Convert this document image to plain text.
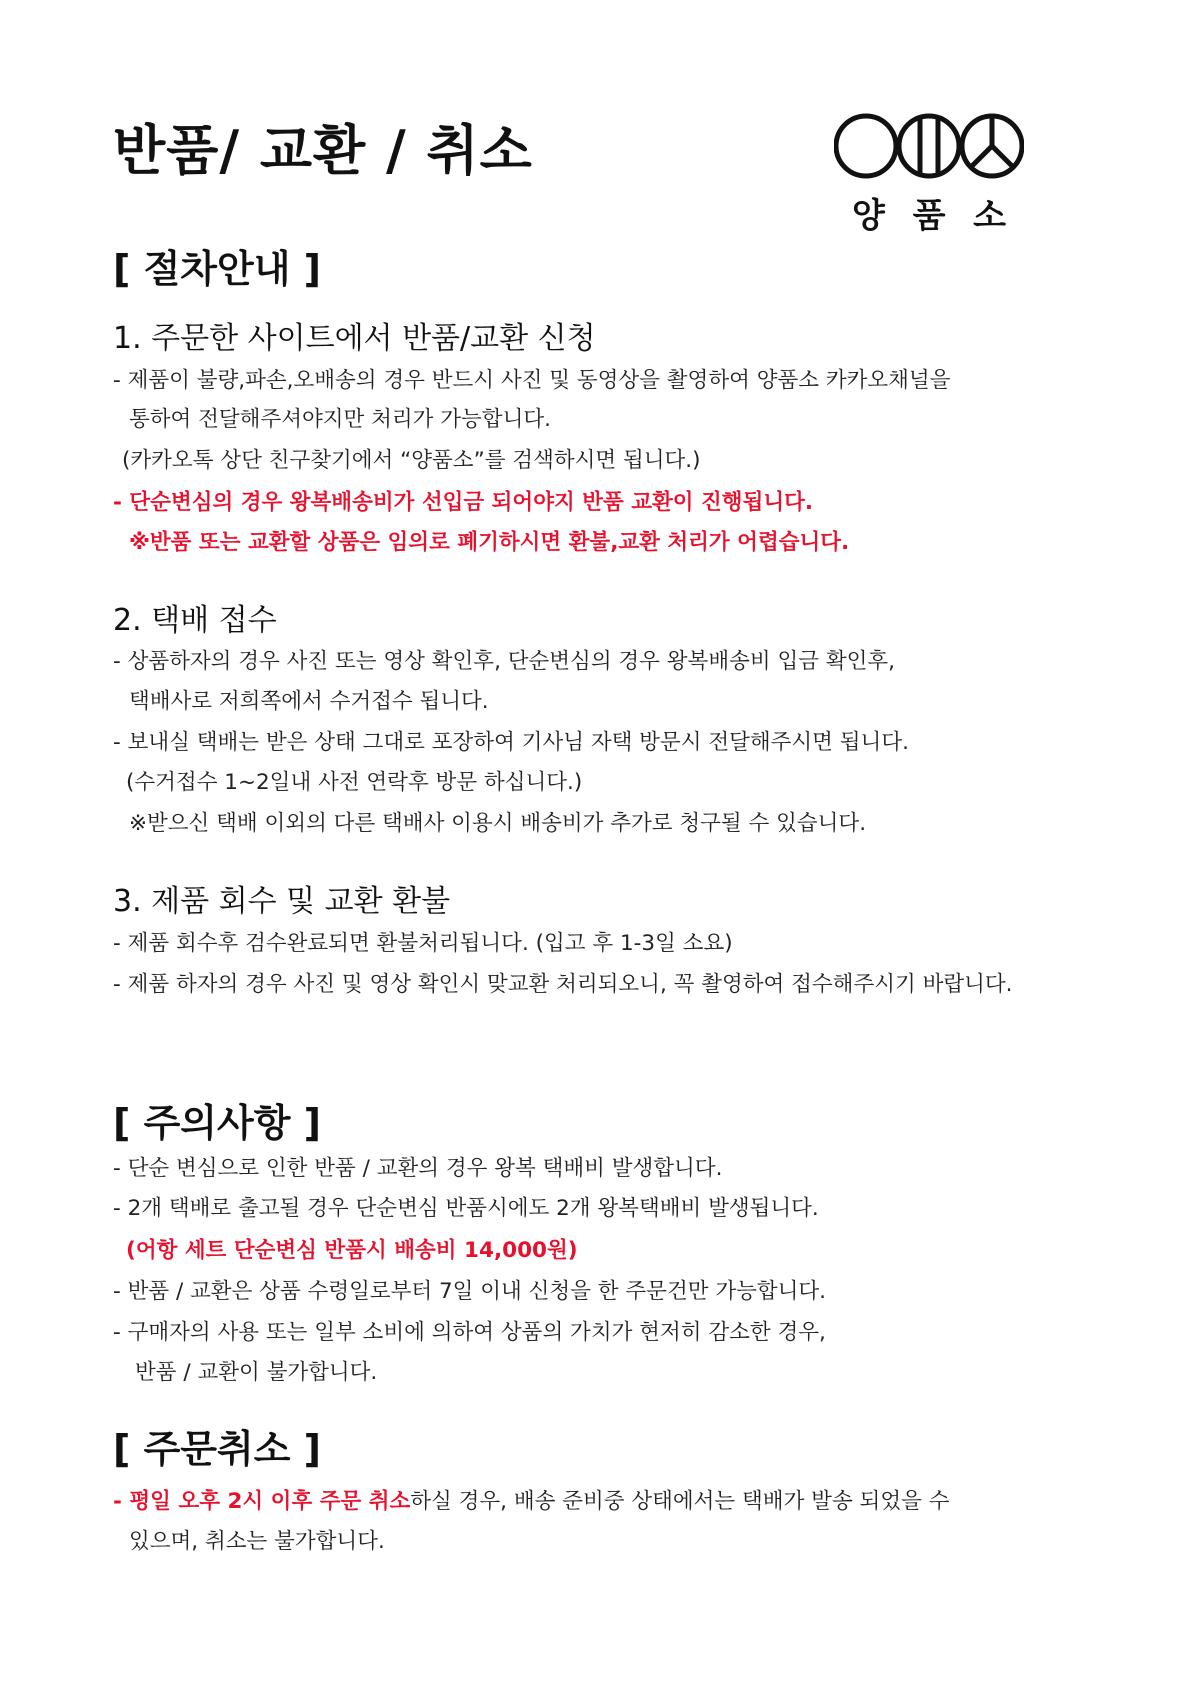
반품/ 교환 / 취소
양 품 소
[ 절차안내 ]
1. 주문한 사이트에서 반품/교환 신청

- 제품이 불량,파손,오배송의 경우 반드시 사진 및 동영상을 촬영하여 양품소 카카오채널을

통하여 전달해주셔야지만 처리가 가능합니다.

(카카오톡 상단 친구찾기에서 “양품소”를 검색하시면 됩니다.)

- 단순변심의 경우 왕복배송비가 선입금 되어야지 반품 교환이 진행됩니다.

※반품 또는 교환할 상품은 임의로 폐기하시면 환불,교환 처리가 어렵습니다.

2. 택배 접수

- 상품하자의 경우 사진 또는 영상 확인후, 단순변심의 경우 왕복배송비 입금 확인후,

택배사로 저희쪽에서 수거접수 됩니다.

- 보내실 택배는 받은 상태 그대로 포장하여 기사님 자택 방문시 전달해주시면 됩니다.

(수거접수 1~2일내 사전 연락후 방문 하십니다.)

※받으신 택배 이외의 다른 택배사 이용시 배송비가 추가로 청구될 수 있습니다.

3. 제품 회수 및 교환 환불

- 제품 회수후 검수완료되면 환불처리됩니다. (입고 후 1-3일 소요)

- 제품 하자의 경우 사진 및 영상 확인시 맞교환 처리되오니, 꼭 촬영하여 접수해주시기 바랍니다.

[ 주의사항 ]

- 단순 변심으로 인한 반품 / 교환의 경우 왕복 택배비 발생합니다.

- 2개 택배로 출고될 경우 단순변심 반품시에도 2개 왕복택배비 발생됩니다.

(어항 세트 단순변심 반품시 배송비 14,000원)

- 반품 / 교환은 상품 수령일로부터 7일 이내 신청을 한 주문건만 가능합니다.

- 구매자의 사용 또는 일부 소비에 의하여 상품의 가치가 현저히 감소한 경우,

반품 / 교환이 불가합니다.

[ 주문취소 ]

- 평일 오후 2시 이후 주문 취소하실 경우, 배송 준비중 상태에서는 택배가 발송 되었을 수

있으며, 취소는 불가합니다.
